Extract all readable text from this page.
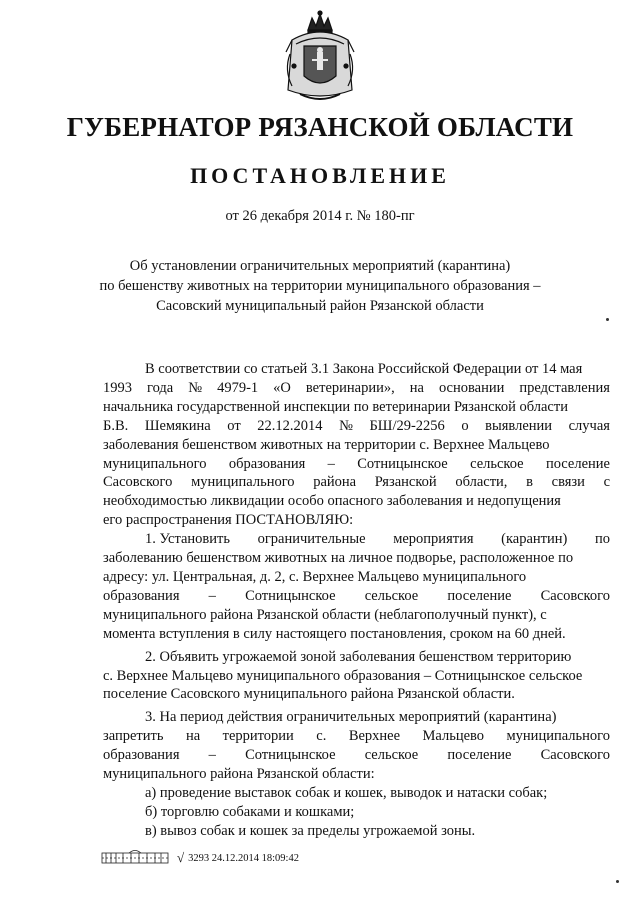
ГУБЕРНАТОР РЯЗАНСКОЙ ОБЛАСТИ
ПОСТАНОВЛЕНИЕ
от 26 декабря 2014 г. № 180-пг
Об установлении ограничительных мероприятий (карантина)
по бешенству животных на территории муниципального образования –
Сасовский муниципальный район Рязанской области
В соответствии со статьей 3.1 Закона Российской Федерации от 14 мая
1993 года № 4979-1 «О ветеринарии», на основании представления
начальника государственной инспекции по ветеринарии Рязанской области
Б.В. Шемякина от 22.12.2014 № БШ/29-2256 о выявлении случая
заболевания бешенством животных на территории с. Верхнее Мальцево
муниципального образования – Сотницынское сельское поселение
Сасовского муниципального района Рязанской области, в связи с
необходимостью ликвидации особо опасного заболевания и недопущения
его распространения ПОСТАНОВЛЯЮ:
1. Установить ограничительные мероприятия (карантин) по
заболеванию бешенством животных на личное подворье, расположенное по
адресу: ул. Центральная, д. 2, с. Верхнее Мальцево муниципального
образования – Сотницынское сельское поселение Сасовского
муниципального района Рязанской области (неблагополучный пункт), с
момента вступления в силу настоящего постановления, сроком на 60 дней.
2. Объявить угрожаемой зоной заболевания бешенством территорию
с. Верхнее Мальцево муниципального образования – Сотницынское сельское
поселение Сасовского муниципального района Рязанской области.
3. На период действия ограничительных мероприятий (карантина)
запретить на территории с. Верхнее Мальцево муниципального
образования – Сотницынское сельское поселение Сасовского
муниципального района Рязанской области:
а) проведение выставок собак и кошек, выводок и натаски собак;
б) торговлю собаками и кошками;
в) вывоз собак и кошек за пределы угрожаемой зоны.
√ 3293 24.12.2014 18:09:42
